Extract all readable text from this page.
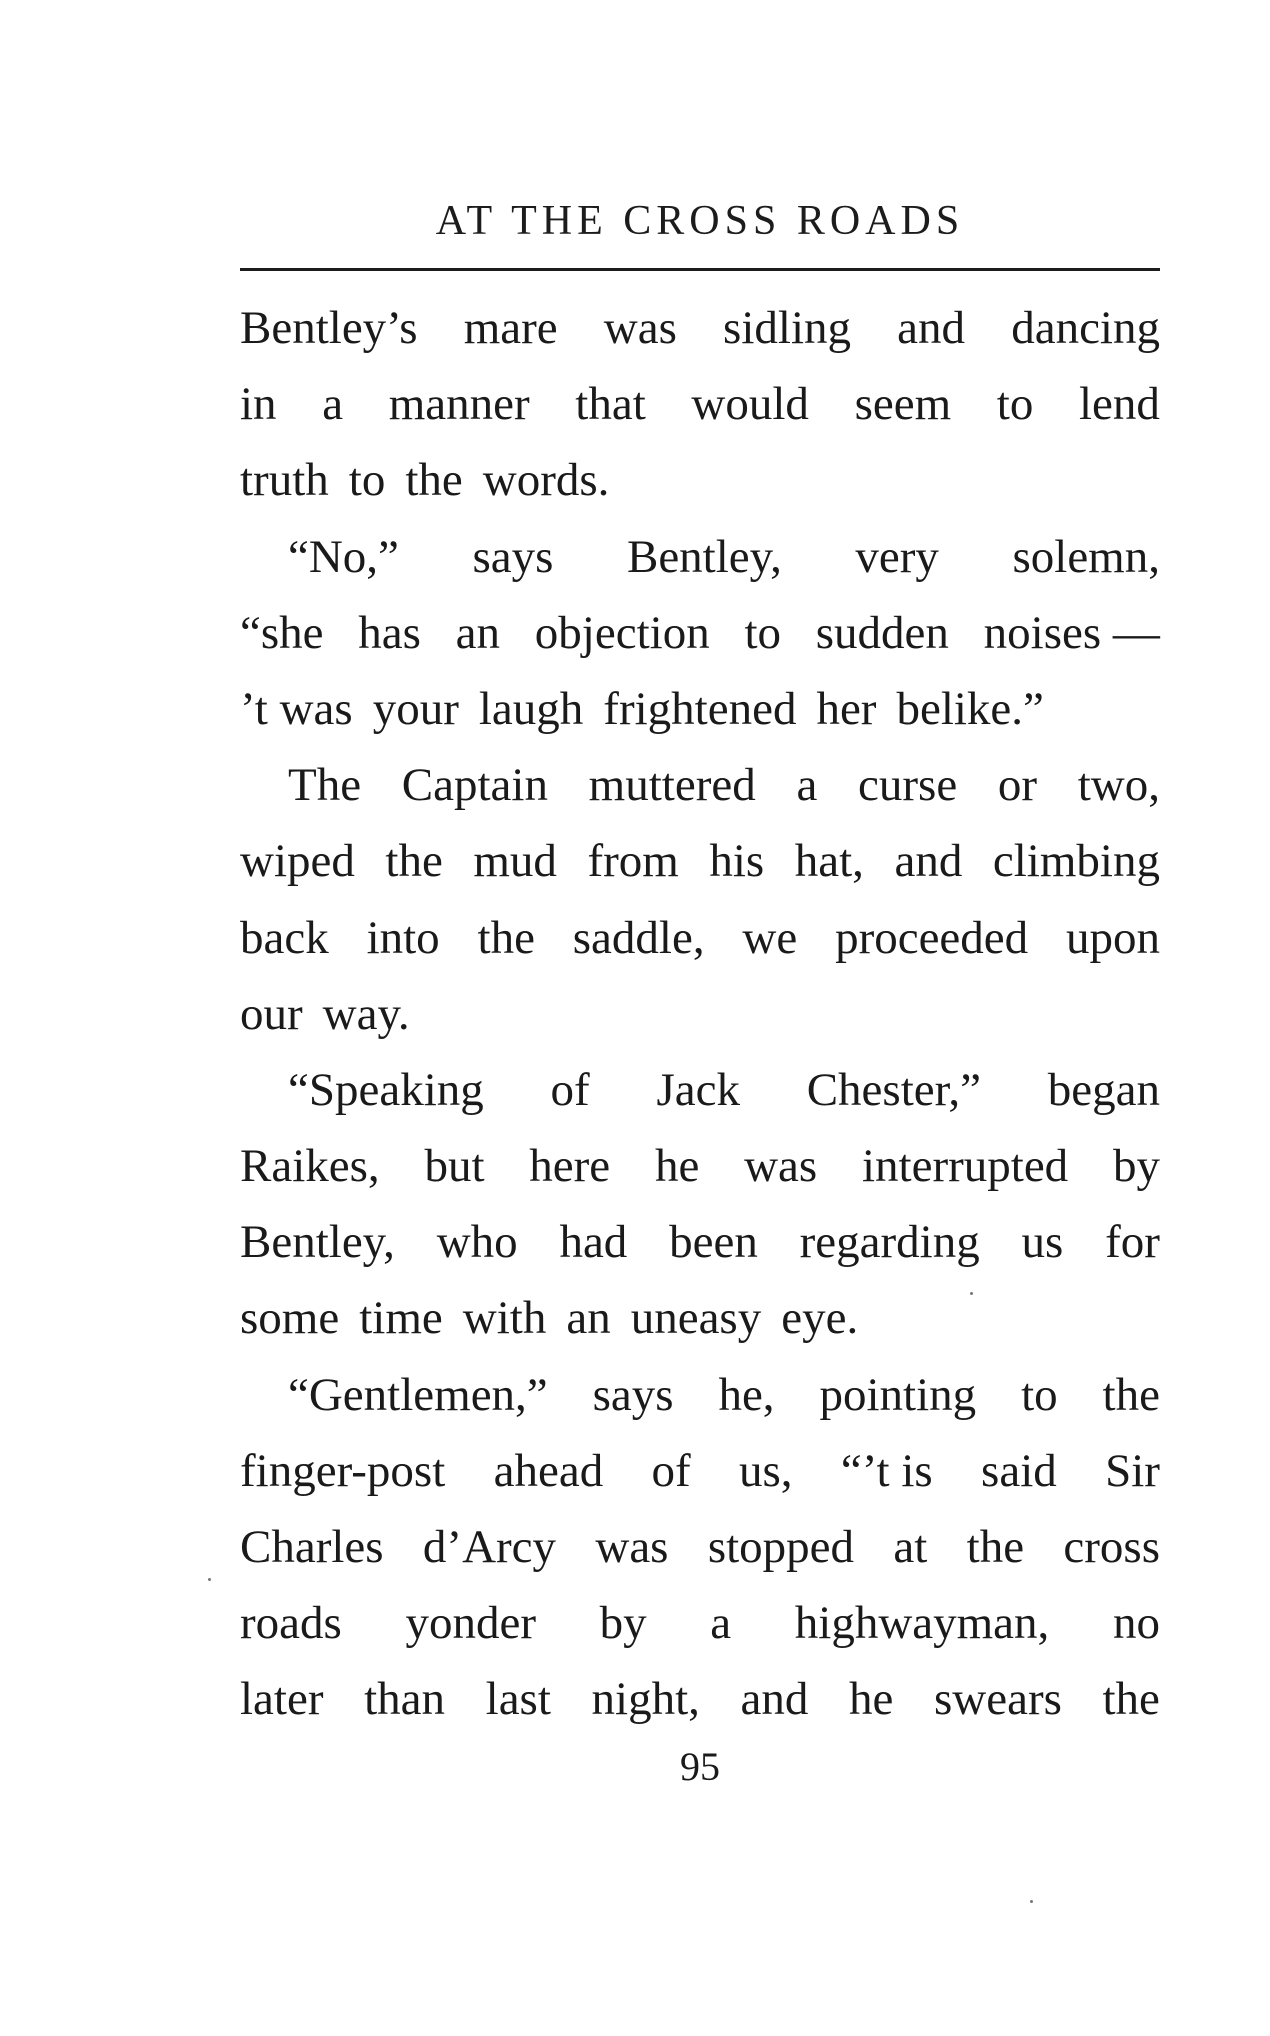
AT THE CROSS ROADS
Bentley’s mare was sidling and dancing
in a manner that would seem to lend
truth to the words.
“No,” says Bentley, very solemn,
“she has an objection to sudden noises —
’t was your laugh frightened her belike.”
The Captain muttered a curse or two,
wiped the mud from his hat, and climbing
back into the saddle, we proceeded upon
our way.
“Speaking of Jack Chester,” began
Raikes, but here he was interrupted by
Bentley, who had been regarding us for
some time with an uneasy eye.
“Gentlemen,” says he, pointing to the
finger-post ahead of us, “’t is said Sir
Charles d’Arcy was stopped at the cross
roads yonder by a highwayman, no
later than last night, and he swears the
95
